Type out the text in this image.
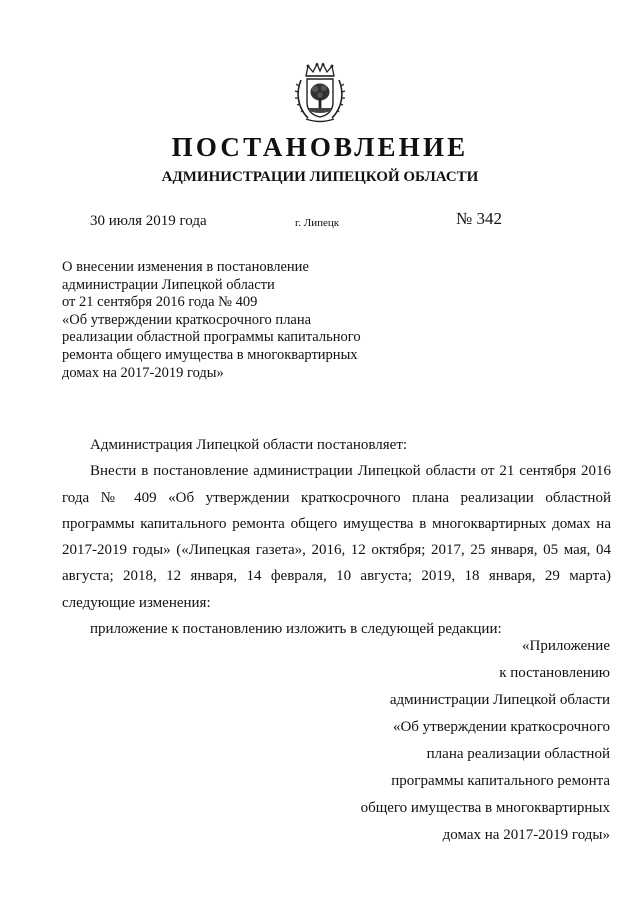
ПОСТАНОВЛЕНИЕ
АДМИНИСТРАЦИИ ЛИПЕЦКОЙ ОБЛАСТИ
30 июля 2019 года	г. Липецк	№ 342
О внесении изменения в постановление
администрации Липецкой области
от 21 сентября 2016 года № 409
«Об утверждении краткосрочного плана
реализации областной программы капитального
ремонта общего имущества в многоквартирных
домах на 2017-2019 годы»

Администрация Липецкой области постановляет:

Внести в постановление администрации Липецкой области от 21 сентября 2016 года № 409 «Об утверждении краткосрочного плана реализации областной программы капитального ремонта общего имущества в многоквартирных домах на 2017-2019 годы» («Липецкая газета», 2016, 12 октября; 2017, 25 января, 05 мая, 04 августа; 2018, 12 января, 14 февраля, 10 августа; 2019, 18 января, 29 марта) следующие изменения:

приложение к постановлению изложить в следующей редакции:

«Приложение
к постановлению
администрации Липецкой области
«Об утверждении краткосрочного
плана реализации областной
программы капитального ремонта
общего имущества в многоквартирных
домах на 2017-2019 годы»
